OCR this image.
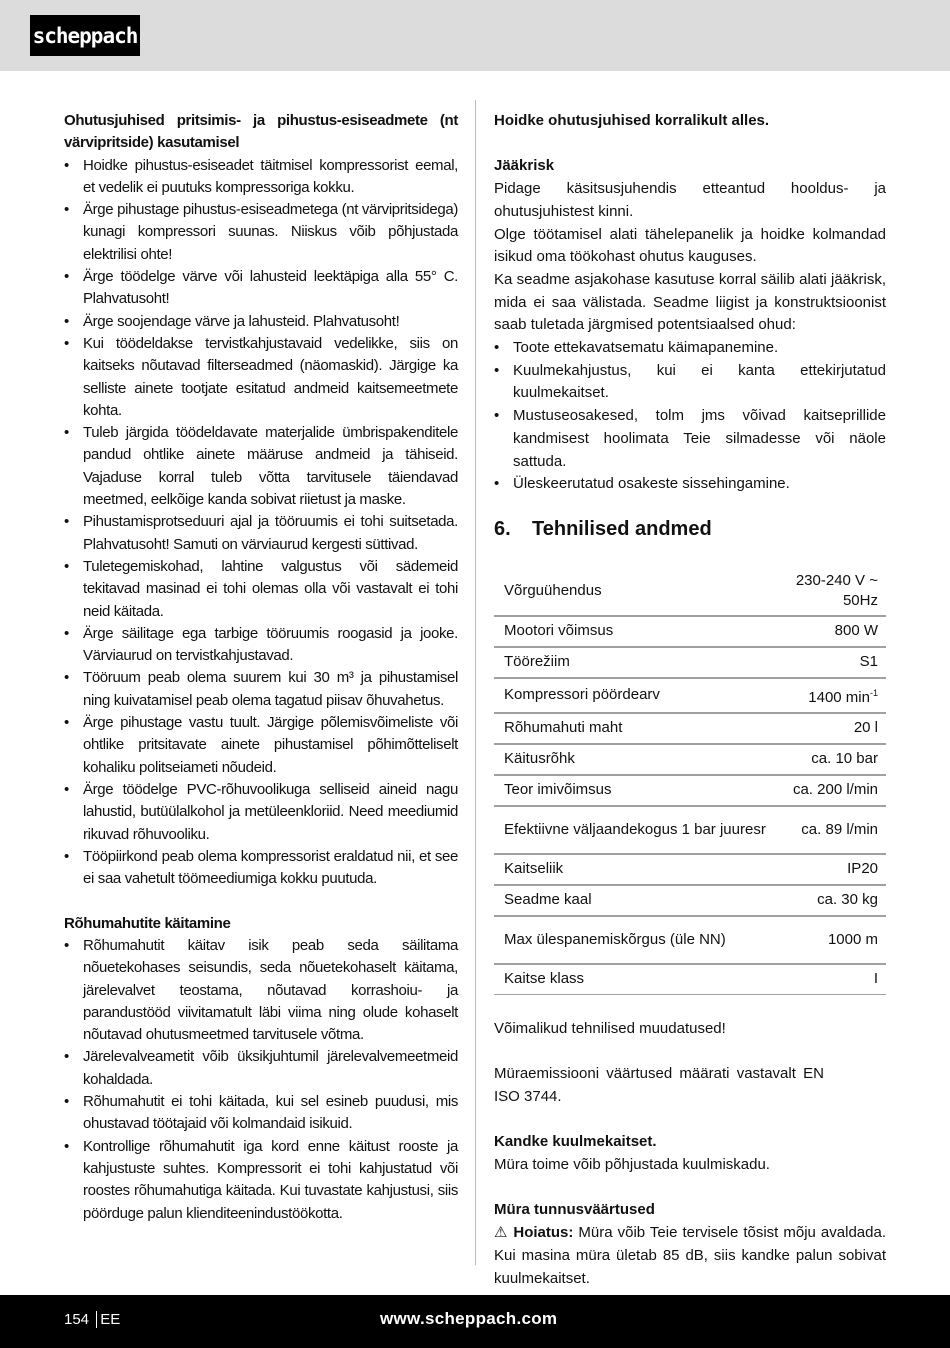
scheppach

Ohutusjuhised pritsimis- ja pihustus-esiseadmete (nt värvipritside) kasutamisel

• Hoidke pihustus-esiseadet täitmisel kompressorist eemal, et vedelik ei puutuks kompressoriga kokku.
• Ärge pihustage pihustus-esiseadmetega (nt värvipritsidega) kunagi kompressori suunas. Niiskus võib põhjustada elektrilisi ohte!
• Ärge töödelge värve või lahusteid leektäpiga alla 55° C. Plahvatusoht!
• Ärge soojendage värve ja lahusteid. Plahvatusoht!
• Kui töödeldakse tervistkahjustavaid vedelikke, siis on kaitseks nõutavad filterseadmed (näomaskid). Järgige ka selliste ainete tootjate esitatud andmeid kaitsemeetmete kohta.
• Tuleb järgida töödeldavate materjalide ümbrispakenditele pandud ohtlike ainete määruse andmeid ja tähiseid. Vajaduse korral tuleb võtta tarvitusele täiendavad meetmed, eelkõige kanda sobivat riietust ja maske.
• Pihustamisprotseduuri ajal ja tööruumis ei tohi suitsetada. Plahvatusoht! Samuti on värviaurud kergesti süttivad.
• Tuletegemiskohad, lahtine valgustus või sädemeid tekitavad masinad ei tohi olemas olla või vastavalt ei tohi neid käitada.
• Ärge säilitage ega tarbige tööruumis roogasid ja jooke. Värviaurud on tervistkahjustavad.
• Tööruum peab olema suurem kui 30 m³ ja pihustamisel ning kuivatamisel peab olema tagatud piisav õhuvahetus.
• Ärge pihustage vastu tuult. Järgige põlemisvõimeliste või ohtlike pritsitavate ainete pihustamisel põhimõtteliselt kohaliku politseiameti nõudeid.
• Ärge töödelge PVC-rõhuvoolikuga selliseid aineid nagu lahustid, butüülalkohol ja metüleenkloriid. Need meediumid rikuvad rõhuvooliku.
• Tööpiirkond peab olema kompressorist eraldatud nii, et see ei saa vahetult töömeediumiga kokku puutuda.

Rõhumahutite käitamine

• Rõhumahutit käitav isik peab seda säilitama nõuetekohases seisundis, seda nõuetekohaselt käitama, järelevalvet teostama, nõutavad korrashoiu- ja parandustööd viivitamatult läbi viima ning olude kohaselt nõutavad ohutusmeetmed tarvitusele võtma.
• Järelevalveametit võib üksikjuhtumil järelevalvemeetmeid kohaldada.
• Rõhumahutit ei tohi käitada, kui sel esineb puudusi, mis ohustavad töötajaid või kolmandaid isikuid.
• Kontrollige rõhumahutit iga kord enne käitust rooste ja kahjustuste suhtes. Kompressorit ei tohi kahjustatud või roostes rõhumahutiga käitada. Kui tuvastate kahjustusi, siis pöörduge palun klienditeenindustöökotta.

Hoidke ohutusjuhised korralikult alles.

Jääkrisk

Pidage käsitsusjuhendis etteantud hooldus- ja ohutusjuhistest kinni.

Olge töötamisel alati tähelepanelik ja hoidke kolmandad isikud oma töökohast ohutus kauguses.

Ka seadme asjakohase kasutuse korral säilib alati jääkrisk, mida ei saa välistada. Seadme liigist ja konstruktsioonist saab tuletada järgmised potentsiaalsed ohud:

• Toote ettekavatsematu käimapanemine.
• Kuulmekahjustus, kui ei kanta ettekirjutatud kuulmekaitset.
• Mustuseosakesed, tolm jms võivad kaitseprillide kandmisest hoolimata Teie silmadesse või näole sattuda.
• Üleskeerutatud osakeste sissehingamine.
6.	Tehnilised andmed
Võrguühendus	230-240 V ~ 50Hz
Mootori võimsus	800 W
Töörežiim	S1
Kompressori pöördearv	1400 $\min^{-1}$
Rõhumahuti maht	20 l
Käitusrõhk	ca. 10 bar
Teor imivõimsus	ca. 200 l/min
Efektiivne väljaandekogus 1 bar juuresr	ca. 89 l/min
Kaitseliik	IP20
Seadme kaal	ca. 30 kg
Max ülespanemiskõrgus (üle NN)	1000 m
Kaitse klass	I

Võimalikud tehnilised muudatused!

Müraemissiooni väärtused määrati vastavalt EN ISO 3744.

Kandke kuulmekaitset.

Müra toime võib põhjustada kuulmiskadu.

Müra tunnusväärtused

⚠ Hoiatus: Müra võib Teie tervisele tõsist mõju avaldada. Kui masina müra ületab 85 dB, siis kandke palun sobivat kuulmekaitset.

154 EE	www.scheppach.com
